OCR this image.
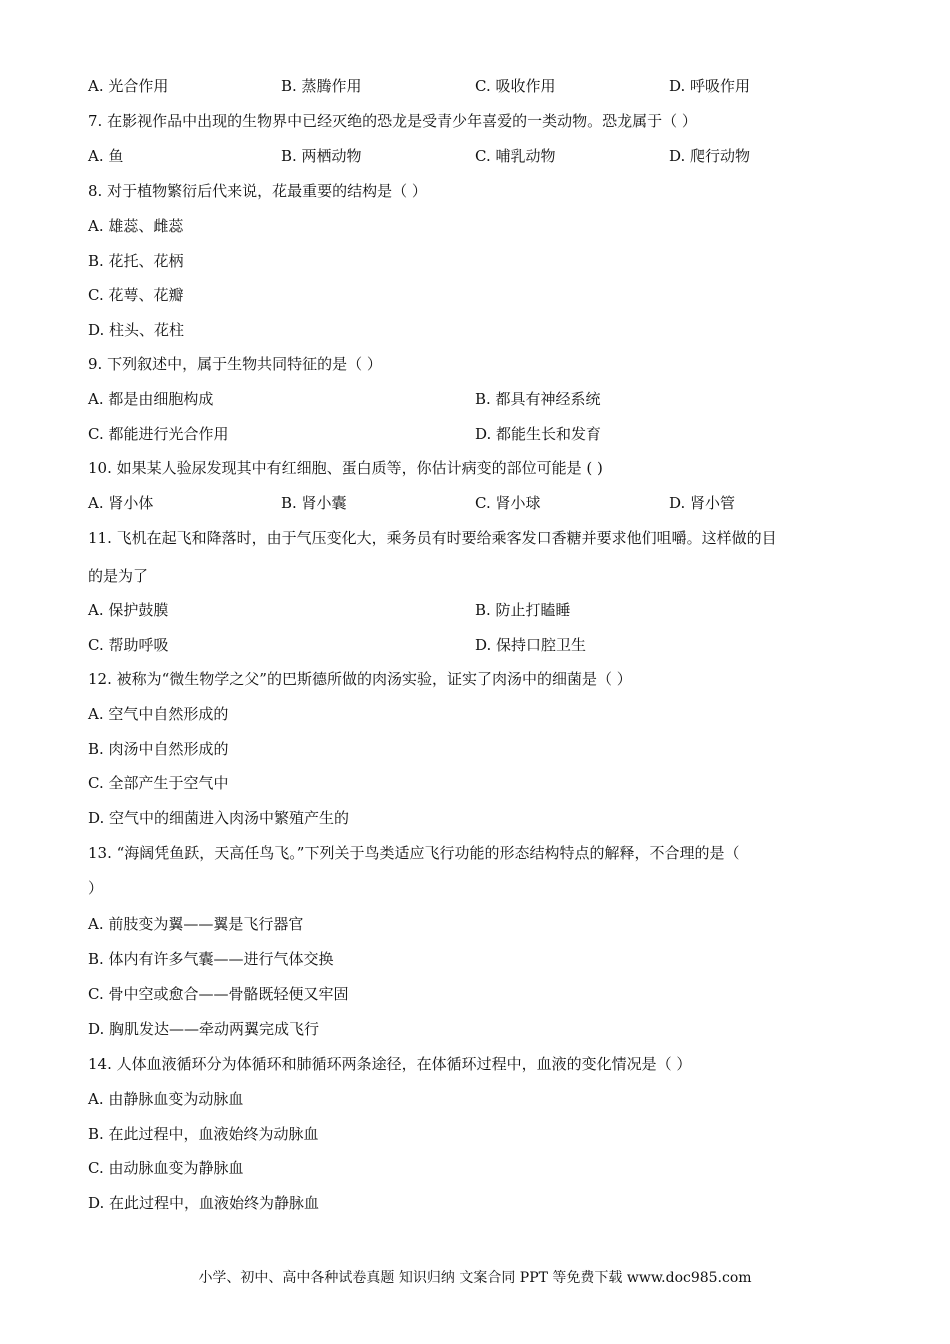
A. 光合作用	B. 蒸腾作用	C. 吸收作用	D. 呼吸作用
7. 在影视作品中出现的生物界中已经灭绝的恐龙是受青少年喜爱的一类动物。恐龙属于（ ）
A. 鱼	B. 两栖动物	C. 哺乳动物	D. 爬行动物
8. 对于植物繁衍后代来说，花最重要的结构是（ ）
A. 雄蕊、雌蕊
B. 花托、花柄
C. 花萼、花瓣
D. 柱头、花柱
9. 下列叙述中，属于生物共同特征的是（ ）
A. 都是由细胞构成	B. 都具有神经系统
C. 都能进行光合作用	D. 都能生长和发育
10. 如果某人验尿发现其中有红细胞、蛋白质等，你估计病变的部位可能是 ( )
A. 肾小体	B. 肾小囊	C. 肾小球	D. 肾小管
11. 飞机在起飞和降落时，由于气压变化大，乘务员有时要给乘客发口香糖并要求他们咀嚼。这样做的目
的是为了
A. 保护鼓膜	B. 防止打瞌睡
C. 帮助呼吸	D. 保持口腔卫生
12. 被称为“微生物学之父”的巴斯德所做的肉汤实验，证实了肉汤中的细菌是（ ）
A. 空气中自然形成的
B. 肉汤中自然形成的
C. 全部产生于空气中
D. 空气中的细菌进入肉汤中繁殖产生的
13. “海阔凭鱼跃，天高任鸟飞。”下列关于鸟类适应飞行功能的形态结构特点的解释，不合理的是（
）
A. 前肢变为翼——翼是飞行器官
B. 体内有许多气囊——进行气体交换
C. 骨中空或愈合——骨骼既轻便又牢固
D. 胸肌发达——牵动两翼完成飞行
14. 人体血液循环分为体循环和肺循环两条途径，在体循环过程中，血液的变化情况是（ ）
A. 由静脉血变为动脉血
B. 在此过程中，血液始终为动脉血
C. 由动脉血变为静脉血
D. 在此过程中，血液始终为静脉血
小学、初中、高中各种试卷真题 知识归纳 文案合同 PPT 等免费下载 www.doc985.com
